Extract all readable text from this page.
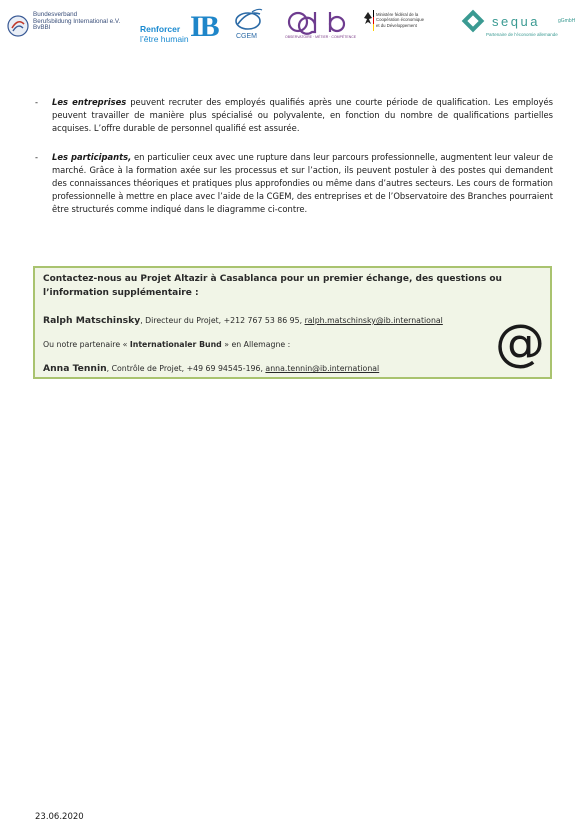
Bundesverband
Berufsbildung International e.V.
BvBBI	Renforcer
l’être humain IB	CGEM	OBSERVATOIRE · MÉTIER · COMPÉTENCE
Ministère fédéral de la
Coopération économique
et du Développement	sequa	gGmbH
Partenaire de l’économie allemande
- Les entreprises peuvent recruter des employés qualifiés après une courte période de qualification. Les employés peuvent travailler de manière plus spécialisé ou polyvalente, en fonction du nombre de qualifications partielles acquises. L’offre durable de personnel qualifié est assurée.
- Les participants, en particulier ceux avec une rupture dans leur parcours professionnelle, augmentent leur valeur de marché. Grâce à la formation axée sur les processus et sur l’action, ils peuvent postuler à des postes qui demandent des connaissances théoriques et pratiques plus approfondies ou même dans d’autres secteurs. Les cours de formation professionnelle à mettre en place avec l’aide de la CGEM, des entreprises et de l’Observatoire des Branches pourraient être structurés comme indiqué dans le diagramme ci-contre.
Contactez-nous au Projet Altazir à Casablanca pour un premier échange, des questions ou l’information supplémentaire :
Ralph Matschinsky, Directeur du Projet, +212 767 53 86 95, ralph.matschinsky@ib.international
Ou notre partenaire « Internationaler Bund » en Allemagne :
Anna Tennin, Contrôle de Projet, +49 69 94545-196, anna.tennin@ib.international @
23.06.2020
